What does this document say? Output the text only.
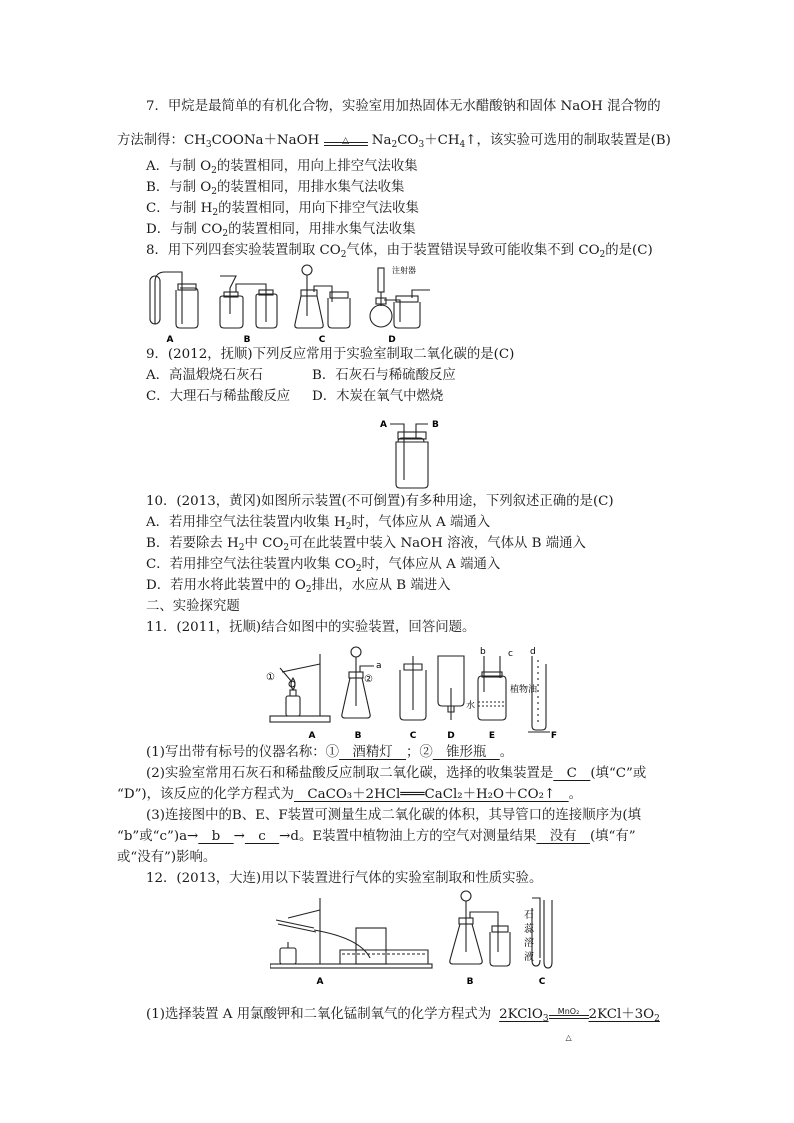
7．甲烷是最简单的有机化合物，实验室用加热固体无水醋酸钠和固体 NaOH 混合物的
方法制得：$CH_3COONa+NaOH$	△	$Na_2CO_3+CH_4↑$，该实验可选用的制取装置是(B)
A．与制 $O_2$的装置相同，用向上排空气法收集
B．与制 $O_2$的装置相同，用排水集气法收集
C．与制 $H_2$的装置相同，用向下排空气法收集
D．与制 $CO_2$的装置相同，用排水集气法收集
8．用下列四套实验装置制取 $CO_2$气体，由于装置错误导致可能收集不到 $CO_2$的是(C)
A	B	C	D
注射器
9．(2012，抚顺)下列反应常用于实验室制取二氧化碳的是(C)
A．高温煅烧石灰石	B．石灰石与稀硫酸反应
C．大理石与稀盐酸反应 D．木炭在氧气中燃烧
A	B
10．(2013，黄冈)如图所示装置(不可倒置)有多种用途，下列叙述正确的是(C)
A．若用排空气法往装置内收集 $H_2$时，气体应从 A 端通入
B．若要除去 $H_2$中 $CO_2$可在此装置中装入 NaOH 溶液，气体从 B 端通入
C．若用排空气法往装置内收集 $CO_2$时，气体应从 A 端通入
D．若用水将此装置中的 $O_2$排出，水应从 B 端进入
二、实验探究题
11．(2011，抚顺)结合如图中的实验装置，回答问题。
①	②
a
b c d
植物油
水
A	B	C	D	E	F
(1)写出带有标号的仪器名称：①　酒精灯　；②　锥形瓶　。
(2)实验室常用石灰石和稀盐酸反应制取二氧化碳，选择的收集装置是　C　(填“C”或
“D”)，该反应的化学方程式为　CaCO₃＋2HCl═══CaCl₂＋H₂O＋CO₂↑　。
(3)连接图中的B、E、F装置可测量生成二氧化碳的体积，其导管口的连接顺序为(填
“b”或“c”)a→　b　→　c　→d。E装置中植物油上方的空气对测量结果　没有　(填“有”
或“没有”)影响。
12．(2013，大连)用以下装置进行气体的实验室制取和性质实验。
石
蕊
溶
液
A	B	C
(1)选择装置 A 用氯酸钾和二氧化锰制氧气的化学方程式为 2KClO$_3$
MnO₂
△
$2KCl+3O_2$
